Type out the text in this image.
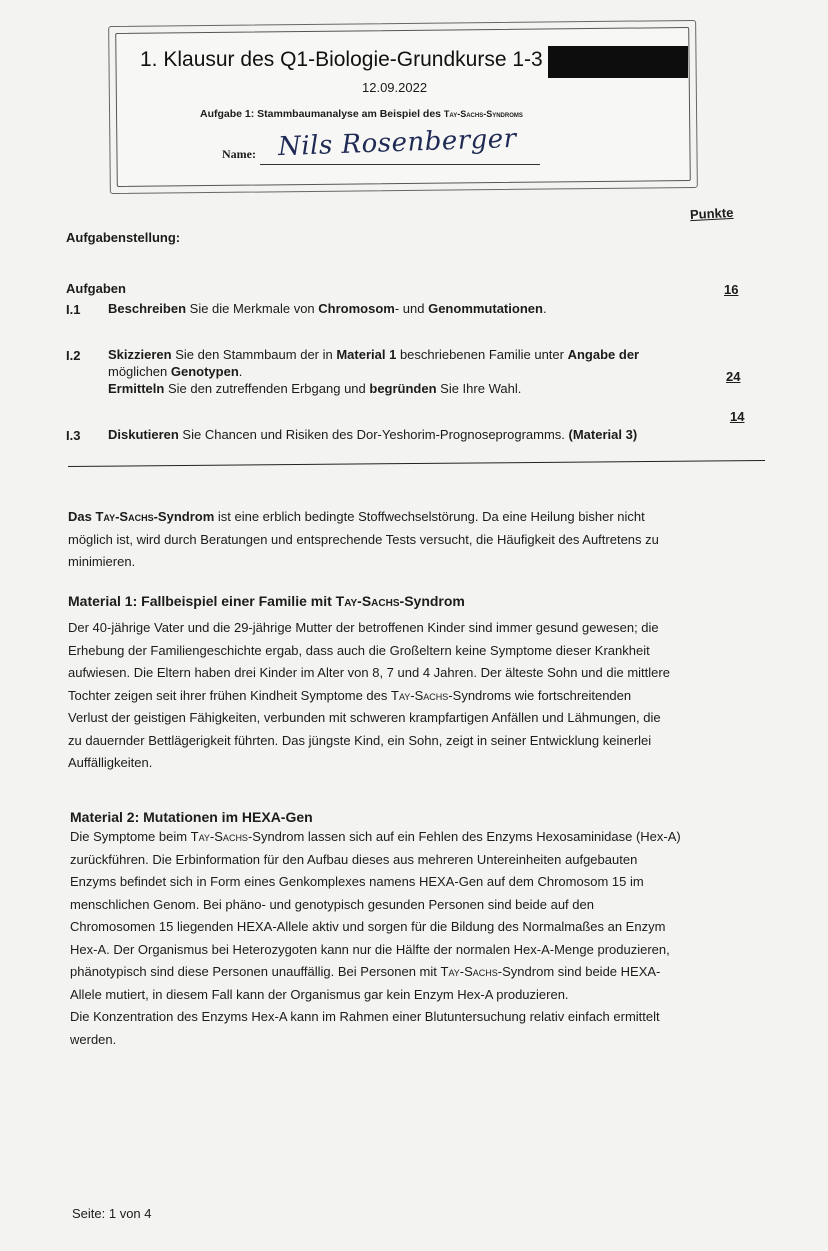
1. Klausur des Q1-Biologie-Grundkurse 1-3
12.09.2022
Aufgabe 1: Stammbaumanalyse am Beispiel des Tay-Sachs-Syndroms
Name: Nils Rosenberger
Punkte
Aufgabenstellung:
Aufgaben
I.1 Beschreiben Sie die Merkmale von Chromosom- und Genommutationen.
16
I.2 Skizzieren Sie den Stammbaum der in Material 1 beschriebenen Familie unter Angabe der
möglichen Genotypen.
Ermitteln Sie den zutreffenden Erbgang und begründen Sie Ihre Wahl.
24
I.3 Diskutieren Sie Chancen und Risiken des Dor-Yeshorim-Prognoseprogramms. (Material 3)
14
Das Tay-Sachs-Syndrom ist eine erblich bedingte Stoffwechselstörung. Da eine Heilung bisher nicht
möglich ist, wird durch Beratungen und entsprechende Tests versucht, die Häufigkeit des Auftretens zu
minimieren.
Material 1: Fallbeispiel einer Familie mit Tay-Sachs-Syndrom
Der 40-jährige Vater und die 29-jährige Mutter der betroffenen Kinder sind immer gesund gewesen; die
Erhebung der Familiengeschichte ergab, dass auch die Großeltern keine Symptome dieser Krankheit
aufwiesen. Die Eltern haben drei Kinder im Alter von 8, 7 und 4 Jahren. Der älteste Sohn und die mittlere
Tochter zeigen seit ihrer frühen Kindheit Symptome des Tay-Sachs-Syndroms wie fortschreitenden
Verlust der geistigen Fähigkeiten, verbunden mit schweren krampfartigen Anfällen und Lähmungen, die
zu dauernder Bettlägerigkeit führten. Das jüngste Kind, ein Sohn, zeigt in seiner Entwicklung keinerlei
Auffälligkeiten.
Material 2: Mutationen im HEXA-Gen
Die Symptome beim Tay-Sachs-Syndrom lassen sich auf ein Fehlen des Enzyms Hexosaminidase (Hex-A)
zurückführen. Die Erbinformation für den Aufbau dieses aus mehreren Untereinheiten aufgebauten
Enzyms befindet sich in Form eines Genkomplexes namens HEXA-Gen auf dem Chromosom 15 im
menschlichen Genom. Bei phäno- und genotypisch gesunden Personen sind beide auf den
Chromosomen 15 liegenden HEXA-Allele aktiv und sorgen für die Bildung des Normalmaßes an Enzym
Hex-A. Der Organismus bei Heterozygoten kann nur die Hälfte der normalen Hex-A-Menge produzieren,
phänotypisch sind diese Personen unauffällig. Bei Personen mit Tay-Sachs-Syndrom sind beide HEXA-
Allele mutiert, in diesem Fall kann der Organismus gar kein Enzym Hex-A produzieren.
Die Konzentration des Enzyms Hex-A kann im Rahmen einer Blutuntersuchung relativ einfach ermittelt
werden.
Seite: 1 von 4
